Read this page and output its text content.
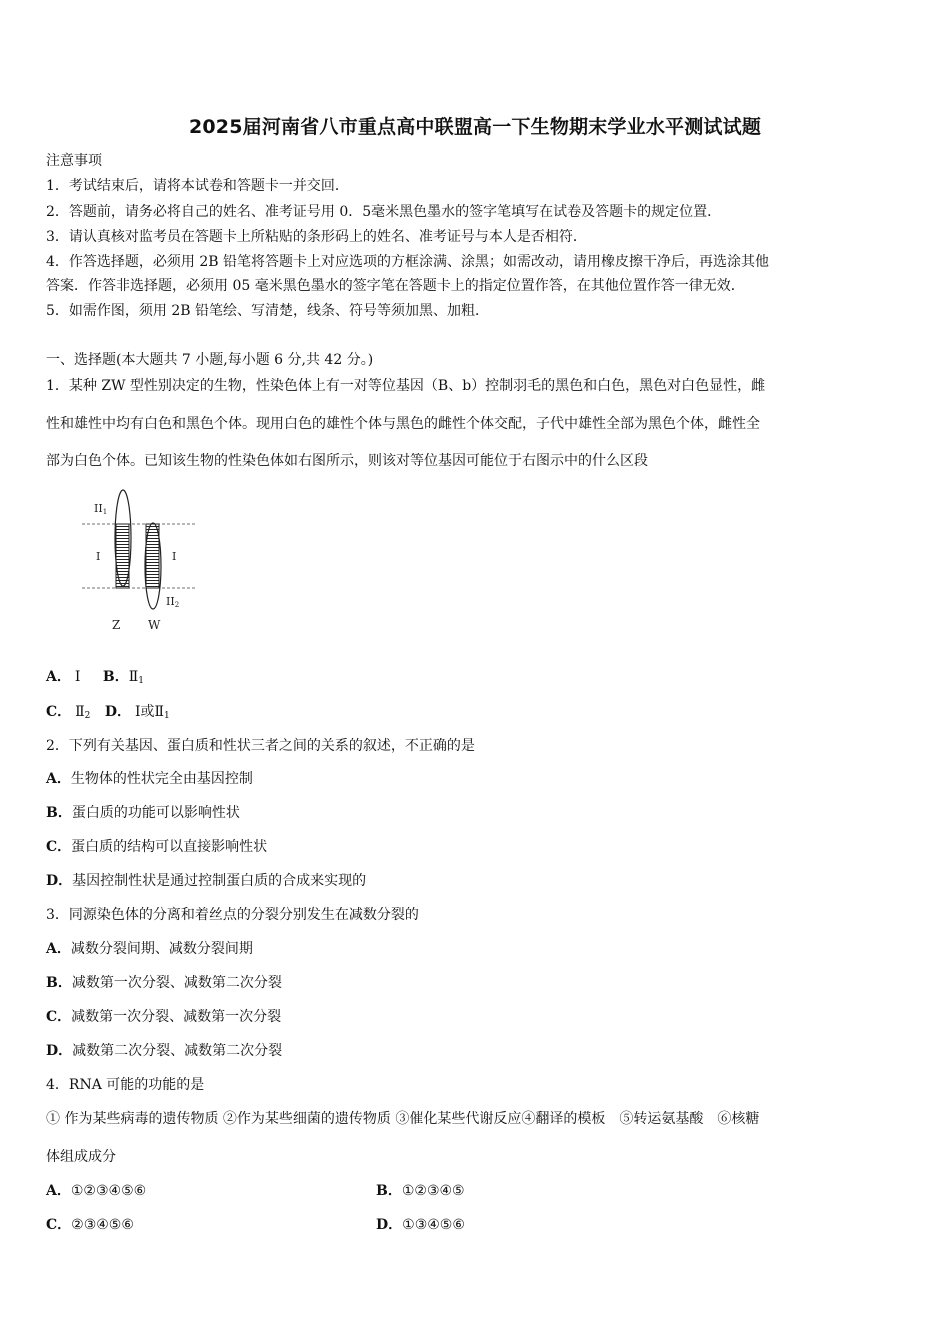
2025届河南省八市重点高中联盟高一下生物期末学业水平测试试题
注意事项
1．考试结束后，请将本试卷和答题卡一并交回．
2．答题前，请务必将自己的姓名、准考证号用 0．5毫米黑色墨水的签字笔填写在试卷及答题卡的规定位置．
3．请认真核对监考员在答题卡上所粘贴的条形码上的姓名、准考证号与本人是否相符．
4．作答选择题，必须用 2B 铅笔将答题卡上对应选项的方框涂满、涂黑；如需改动，请用橡皮擦干净后，再选涂其他
答案．作答非选择题，必须用 05 毫米黑色墨水的签字笔在答题卡上的指定位置作答，在其他位置作答一律无效．
5．如需作图，须用 2B 铅笔绘、写清楚，线条、符号等须加黑、加粗．
一、选择题(本大题共 7 小题,每小题 6 分,共 42 分。)
1．某种 ZW 型性别决定的生物，性染色体上有一对等位基因（B、b）控制羽毛的黑色和白色，黑色对白色显性，雌
性和雄性中均有白色和黑色个体。现用白色的雄性个体与黑色的雌性个体交配，子代中雄性全部为黑色个体，雌性全
部为白色个体。已知该生物的性染色体如右图所示，则该对等位基因可能位于右图示中的什么区段
II1
I	I
II2
Z W
A． Ⅰ B．$Ⅱ_1$
C． $Ⅱ_2$ D． Ⅰ或$Ⅱ_1$
2．下列有关基因、蛋白质和性状三者之间的关系的叙述，不正确的是
A．生物体的性状完全由基因控制
B．蛋白质的功能可以影响性状
C．蛋白质的结构可以直接影响性状
D．基因控制性状是通过控制蛋白质的合成来实现的
3．同源染色体的分离和着丝点的分裂分别发生在减数分裂的
A．减数分裂间期、减数分裂间期
B．减数第一次分裂、减数第二次分裂
C．减数第一次分裂、减数第一次分裂
D．减数第二次分裂、减数第二次分裂
4．RNA 可能的功能的是
① 作为某些病毒的遗传物质 ②作为某些细菌的遗传物质 ③催化某些代谢反应④翻译的模板　⑤转运氨基酸　⑥核糖
体组成成分
A．①②③④⑤⑥	B．①②③④⑤
C．②③④⑤⑥	D．①③④⑤⑥
